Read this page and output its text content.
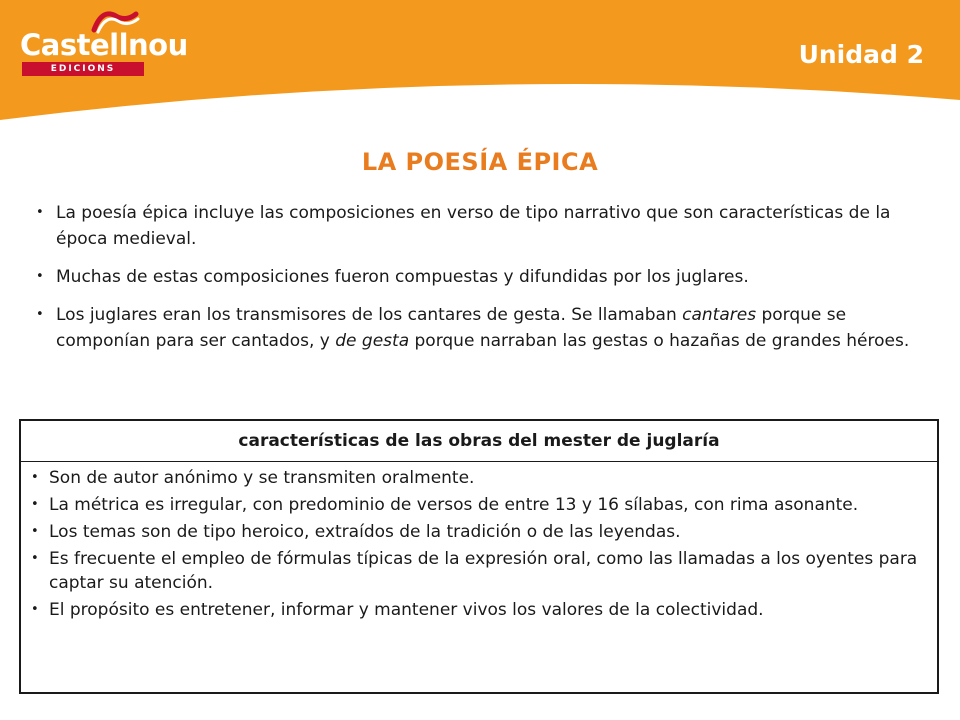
Castellnou
EDICIONS	Unidad 2
LA POESÍA ÉPICA
• La poesía épica incluye las composiciones en verso de tipo narrativo que son características de la época medieval.
• Muchas de estas composiciones fueron compuestas y difundidas por los juglares.
• Los juglares eran los transmisores de los cantares de gesta. Se llamaban cantares porque se componían para ser cantados, y de gesta porque narraban las gestas o hazañas de grandes héroes.
características de las obras del mester de juglaría
• Son de autor anónimo y se transmiten oralmente.
• La métrica es irregular, con predominio de versos de entre 13 y 16 sílabas, con rima asonante.
• Los temas son de tipo heroico, extraídos de la tradición o de las leyendas.
• Es frecuente el empleo de fórmulas típicas de la expresión oral, como las llamadas a los oyentes para captar su atención.
• El propósito es entretener, informar y mantener vivos los valores de la colectividad.
